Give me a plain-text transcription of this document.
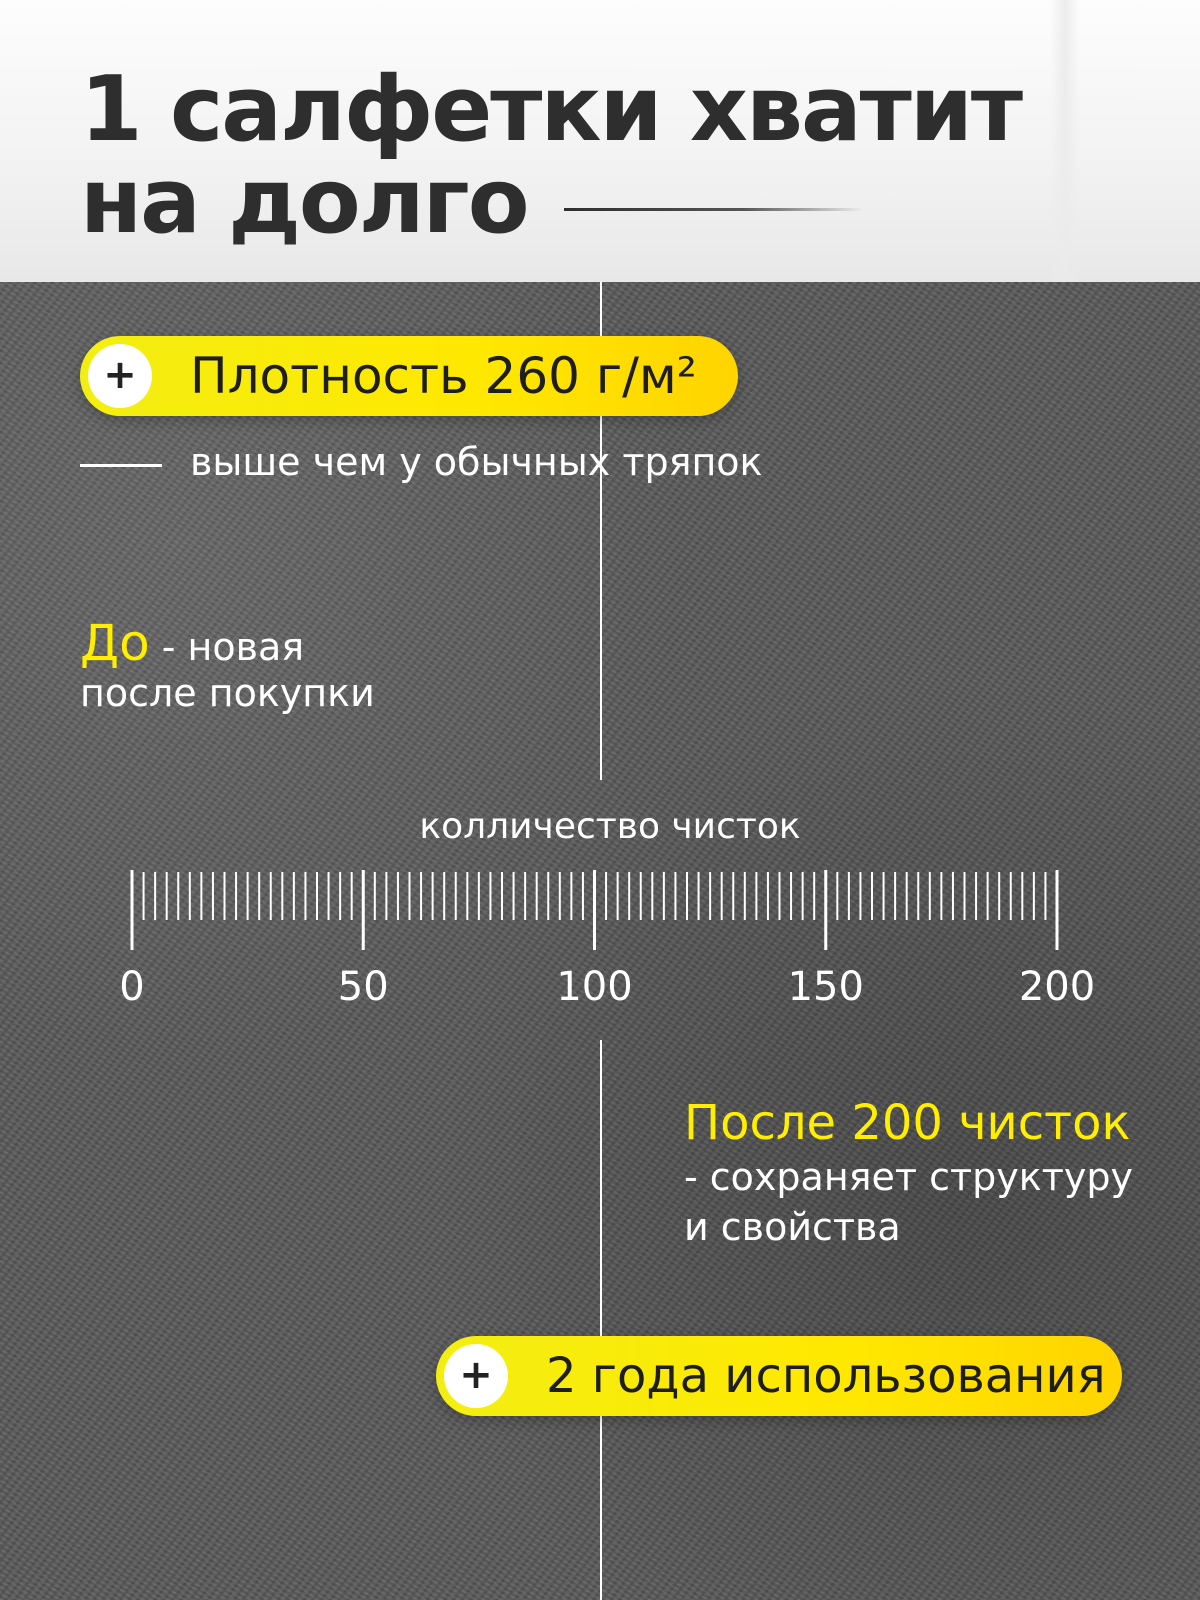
1 салфетки хватит
на долго
+	Плотность 260 г/м²
выше чем у обычных тряпок
До - новая
после покупки
колличество чисток
0	50	100	150	200
После 200 чисток
- сохраняет структуру
и свойства
+	2 года использования
